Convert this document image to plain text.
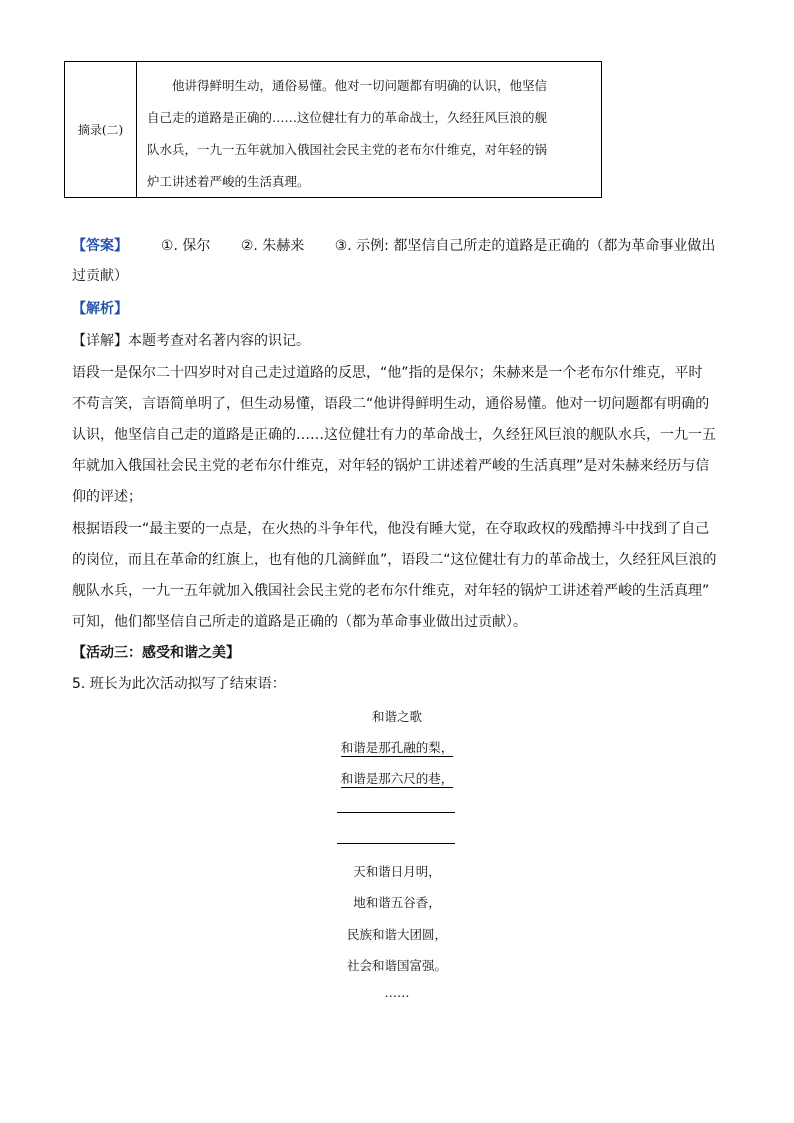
摘录(二)

他讲得鲜明生动，通俗易懂。他对一切问题都有明确的认识，他坚信

自己走的道路是正确的……这位健壮有力的革命战士，久经狂风巨浪的舰

队水兵，一九一五年就加入俄国社会民主党的老布尔什维克，对年轻的锅

炉工讲述着严峻的生活真理。

【答案】 ①. 保尔 ②. 朱赫来 ③. 示例: 都坚信自己所走的道路是正确的（都为革命事业做出
过贡献）
【解析】
【详解】本题考查对名著内容的识记。
语段一是保尔二十四岁时对自己走过道路的反思，“他”指的是保尔；朱赫来是一个老布尔什维克，平时
不苟言笑，言语简单明了，但生动易懂，语段二“他讲得鲜明生动，通俗易懂。他对一切问题都有明确的
认识，他坚信自己走的道路是正确的……这位健壮有力的革命战士，久经狂风巨浪的舰队水兵，一九一五
年就加入俄国社会民主党的老布尔什维克，对年轻的锅炉工讲述着严峻的生活真理”是对朱赫来经历与信
仰的评述；
根据语段一“最主要的一点是，在火热的斗争年代，他没有睡大觉，在夺取政权的残酷搏斗中找到了自己
的岗位，而且在革命的红旗上，也有他的几滴鲜血”，语段二“这位健壮有力的革命战士，久经狂风巨浪的
舰队水兵，一九一五年就加入俄国社会民主党的老布尔什维克，对年轻的锅炉工讲述着严峻的生活真理”
可知，他们都坚信自己所走的道路是正确的（都为革命事业做出过贡献）。
【活动三：感受和谐之美】
5. 班长为此次活动拟写了结束语：
和谐之歌
和谐是那孔融的梨，
和谐是那六尺的巷，
天和谐日月明，
地和谐五谷香，
民族和谐大团圆，
社会和谐国富强。
……
